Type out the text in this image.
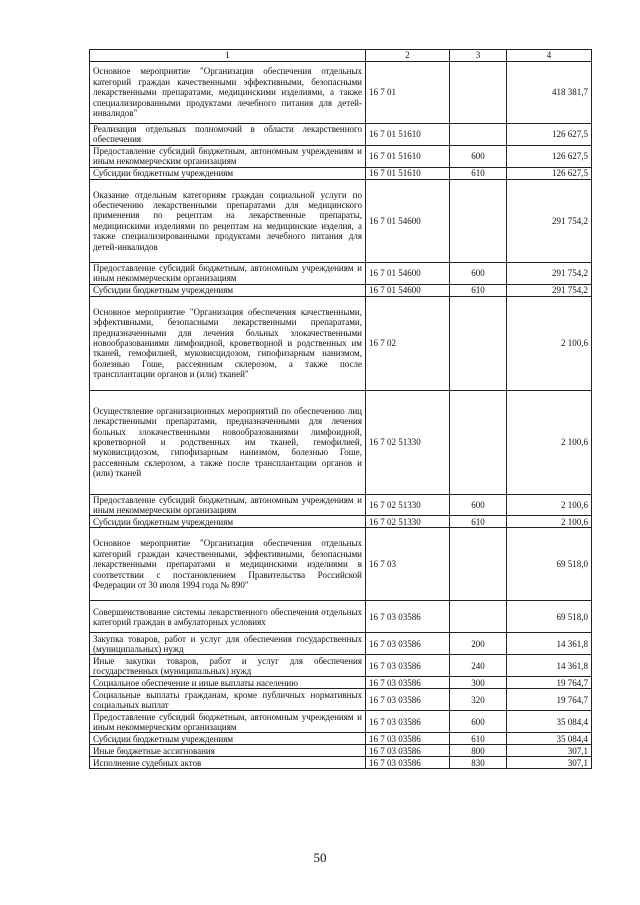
1	2	3	4
Основное мероприятие "Организация обеспечения отдельных категорий граждан качественными эффективными, безопасными лекарственными препаратами, медицинскими изделиями, а также специализированными продуктами лечебного питания для детей-инвалидов"	16 7 01		418 381,7
Реализация отдельных полномочий в области лекарственного обеспечения	16 7 01 51610		126 627,5
Предоставление субсидий бюджетным, автономным учреждениям и иным некоммерческим организациям	16 7 01 51610	600	126 627,5
Субсидии бюджетным учреждениям	16 7 01 51610	610	126 627,5
Оказание отдельным категориям граждан социальной услуги по обеспечению лекарственными препаратами для медицинского применения по рецептам на лекарственные препараты, медицинскими изделиями по рецептам на медицинские изделия, а также специализированными продуктами лечебного питания для детей-инвалидов	16 7 01 54600		291 754,2
Предоставление субсидий бюджетным, автономным учреждениям и иным некоммерческим организациям	16 7 01 54600	600	291 754,2
Субсидии бюджетным учреждениям	16 7 01 54600	610	291 754,2
Основное мероприятие "Организация обеспечения качественными, эффективными, безопасными лекарственными препаратами, предназначенными для лечения больных злокачественными новообразованиями лимфоидной, кроветворной и родственных им тканей, гемофилией, муковисцидозом, гипофизарным нанизмом, болезнью Гоше, рассеянным склерозом, а также после трансплантации органов и (или) тканей"	16 7 02		2 100,6
Осуществление организационных мероприятий по обеспечению лиц лекарственными препаратами, предназначенными для лечения больных злокачественными новообразованиями лимфоидной, кроветворной и родственных им тканей, гемофилией, муковисцидозом, гипофизарным нанизмом, болезнью Гоше, рассеянным склерозом, а также после трансплантации органов и (или) тканей	16 7 02 51330		2 100,6
Предоставление субсидий бюджетным, автономным учреждениям и иным некоммерческим организациям	16 7 02 51330	600	2 100,6
Субсидии бюджетным учреждениям	16 7 02 51330	610	2 100,6
Основное мероприятие "Организация обеспечения отдельных категорий граждан качественными, эффективными, безопасными лекарственными препаратами и медицинскими изделиями в соответствии с постановлением Правительства Российской Федерации от 30 июля 1994 года № 890"	16 7 03		69 518,0
Совершенствование системы лекарственного обеспечения отдельных категорий граждан в амбулаторных условиях	16 7 03 03586		69 518,0
Закупка товаров, работ и услуг для обеспечения государственных (муниципальных) нужд	16 7 03 03586	200	14 361,8
Иные закупки товаров, работ и услуг для обеспечения государственных (муниципальных) нужд	16 7 03 03586	240	14 361,8
Социальное обеспечение и иные выплаты населению	16 7 03 03586	300	19 764,7
Социальные выплаты гражданам, кроме публичных нормативных социальных выплат	16 7 03 03586	320	19 764,7
Предоставление субсидий бюджетным, автономным учреждениям и иным некоммерческим организациям	16 7 03 03586	600	35 084,4
Субсидии бюджетным учреждениям	16 7 03 03586	610	35 084,4
Иные бюджетные ассигнования	16 7 03 03586	800	307,1
Исполнение судебных актов	16 7 03 03586	830	307,1
50
